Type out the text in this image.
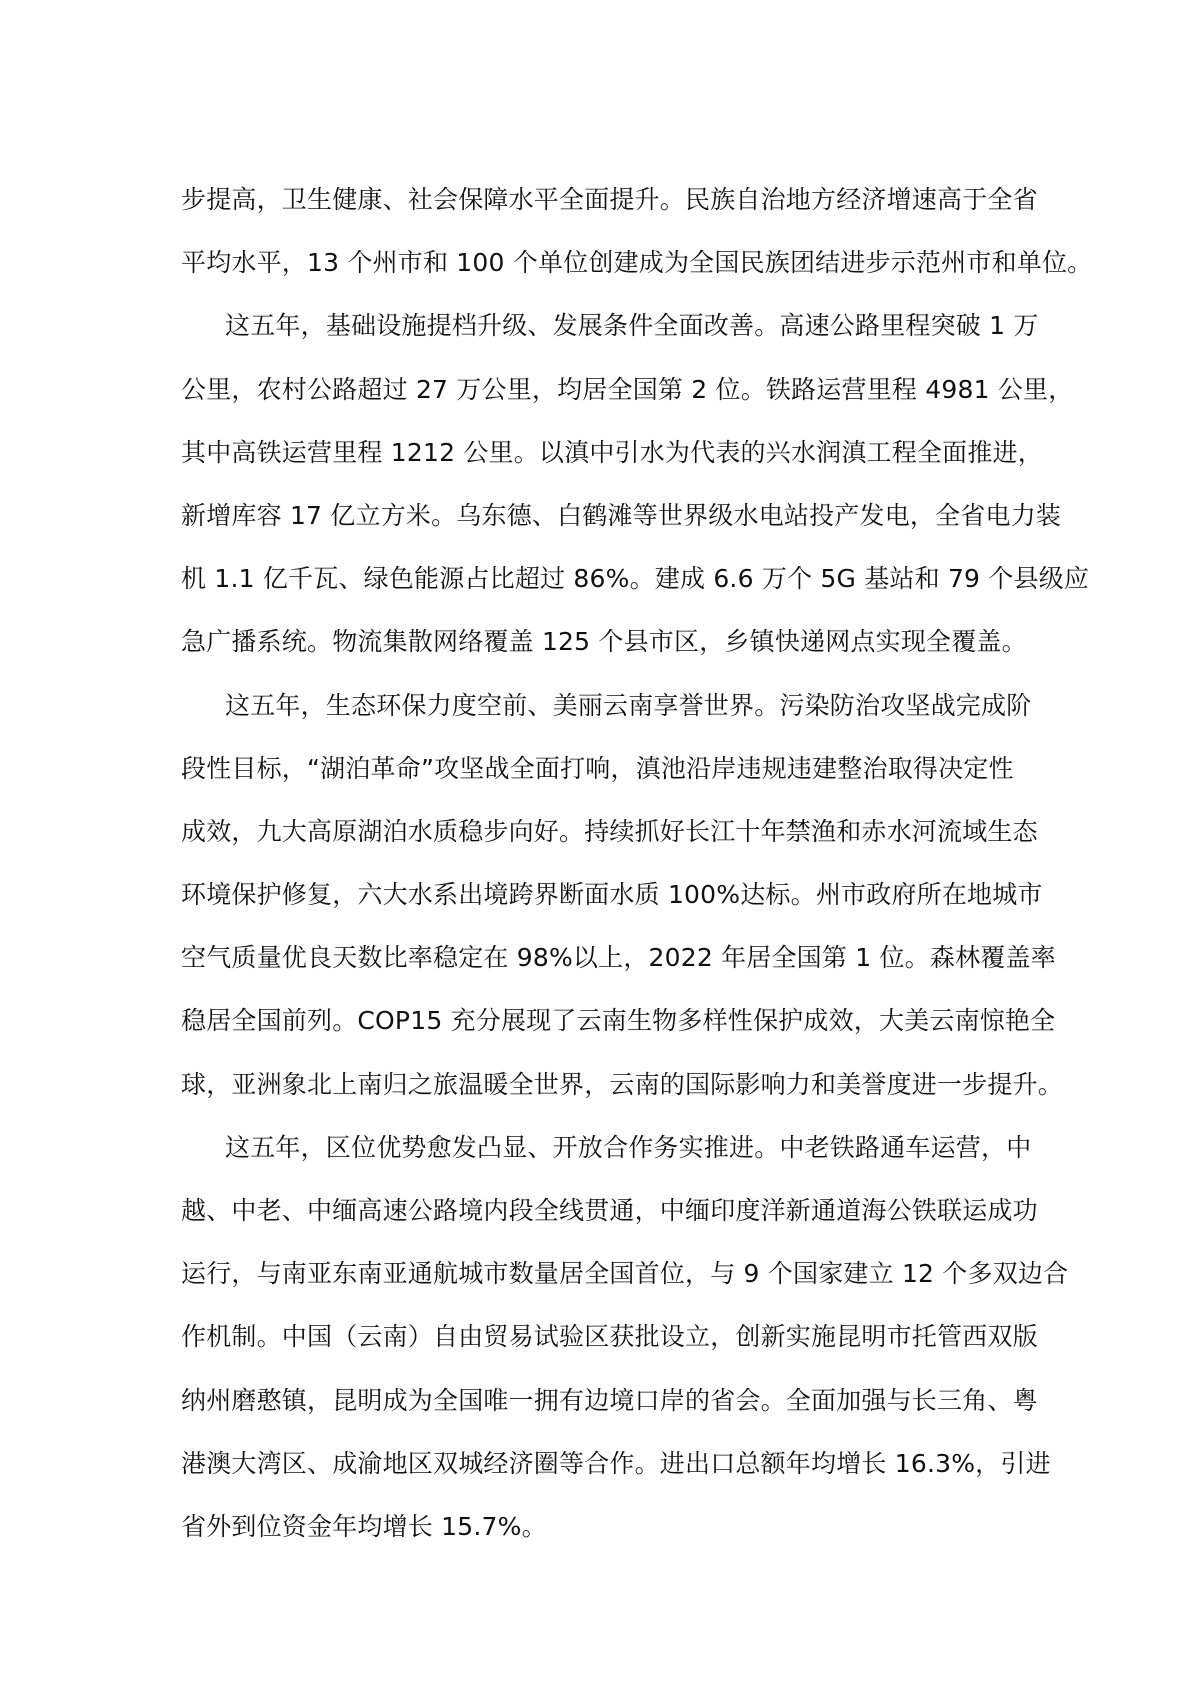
步提高，卫生健康、社会保障水平全面提升。民族自治地方经济增速高于全省
平均水平，13 个州市和 100 个单位创建成为全国民族团结进步示范州市和单位。
这五年，基础设施提档升级、发展条件全面改善。高速公路里程突破 1 万
公里，农村公路超过 27 万公里，均居全国第 2 位。铁路运营里程 4981 公里，
其中高铁运营里程 1212 公里。以滇中引水为代表的兴水润滇工程全面推进，
新增库容 17 亿立方米。乌东德、白鹤滩等世界级水电站投产发电，全省电力装
机 1.1 亿千瓦、绿色能源占比超过 86%。建成 6.6 万个 5G 基站和 79 个县级应
急广播系统。物流集散网络覆盖 125 个县市区，乡镇快递网点实现全覆盖。
这五年，生态环保力度空前、美丽云南享誉世界。污染防治攻坚战完成阶
段性目标，“湖泊革命”攻坚战全面打响，滇池沿岸违规违建整治取得决定性
成效，九大高原湖泊水质稳步向好。持续抓好长江十年禁渔和赤水河流域生态
环境保护修复，六大水系出境跨界断面水质 100%达标。州市政府所在地城市
空气质量优良天数比率稳定在 98%以上，2022 年居全国第 1 位。森林覆盖率
稳居全国前列。COP15 充分展现了云南生物多样性保护成效，大美云南惊艳全
球，亚洲象北上南归之旅温暖全世界，云南的国际影响力和美誉度进一步提升。
这五年，区位优势愈发凸显、开放合作务实推进。中老铁路通车运营，中
越、中老、中缅高速公路境内段全线贯通，中缅印度洋新通道海公铁联运成功
运行，与南亚东南亚通航城市数量居全国首位，与 9 个国家建立 12 个多双边合
作机制。中国（云南）自由贸易试验区获批设立，创新实施昆明市托管西双版
纳州磨憨镇，昆明成为全国唯一拥有边境口岸的省会。全面加强与长三角、粤
港澳大湾区、成渝地区双城经济圈等合作。进出口总额年均增长 16.3%，引进
省外到位资金年均增长 15.7%。
